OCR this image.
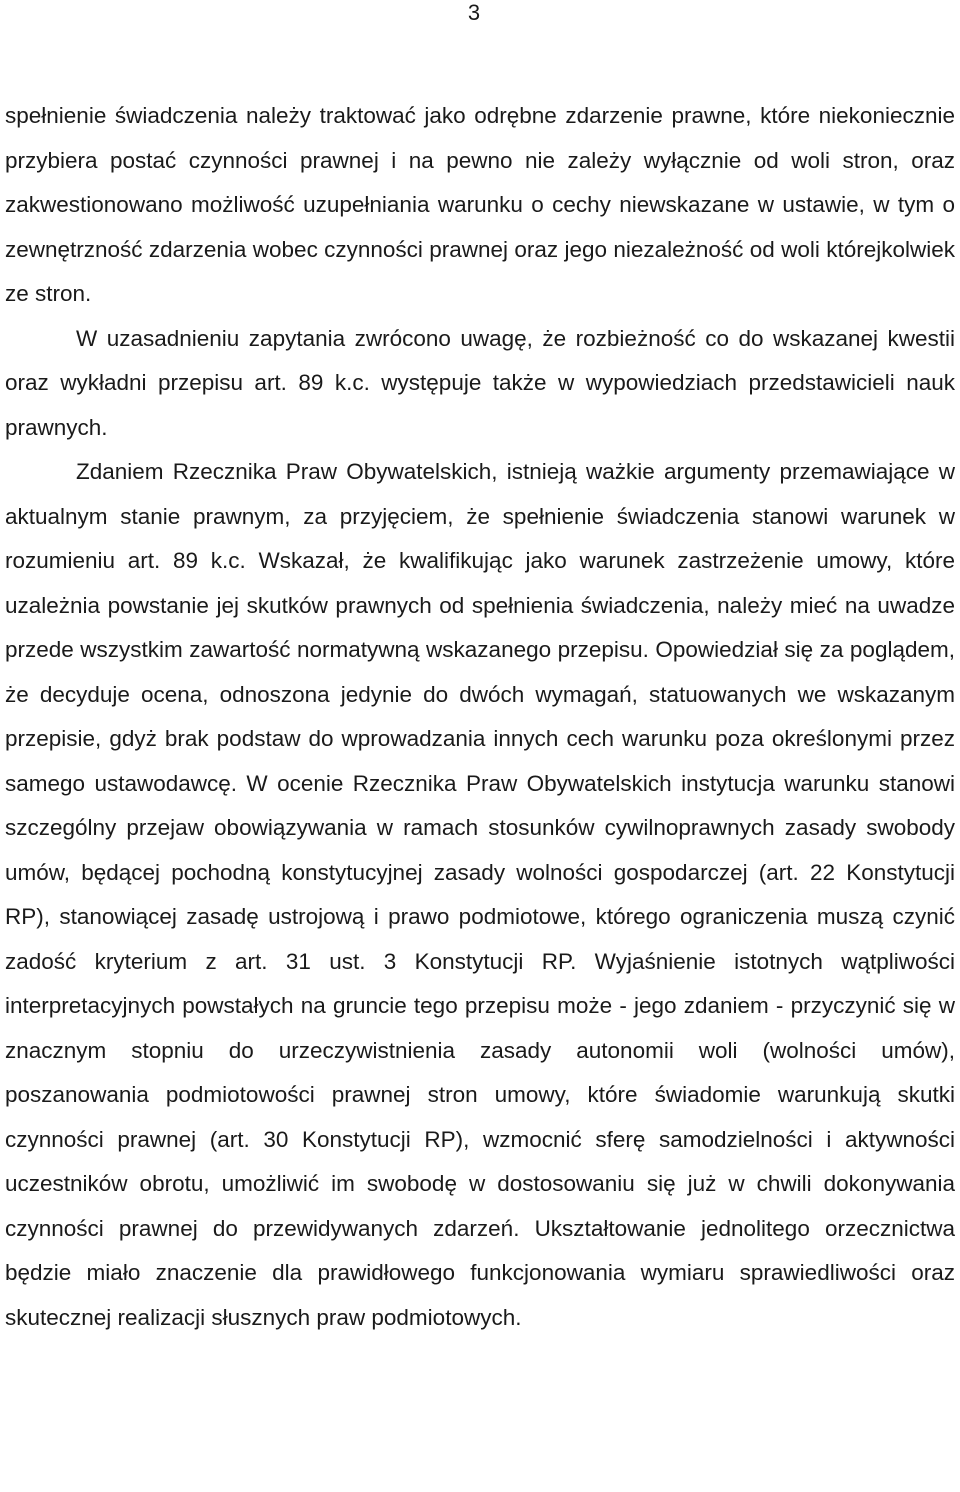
3

spełnienie świadczenia należy traktować jako odrębne zdarzenie prawne, które niekoniecznie przybiera postać czynności prawnej i na pewno nie zależy wyłącznie od woli stron, oraz zakwestionowano możliwość uzupełniania warunku o cechy niewskazane w ustawie, w tym o zewnętrzność zdarzenia wobec czynności prawnej oraz jego niezależność od woli którejkolwiek ze stron.

W uzasadnieniu zapytania zwrócono uwagę, że rozbieżność co do wskazanej kwestii oraz wykładni przepisu art. 89 k.c. występuje także w wypowiedziach przedstawicieli nauk prawnych.

Zdaniem Rzecznika Praw Obywatelskich, istnieją ważkie argumenty przemawiające w aktualnym stanie prawnym, za przyjęciem, że spełnienie świadczenia stanowi warunek w rozumieniu art. 89 k.c. Wskazał, że kwalifikując jako warunek zastrzeżenie umowy, które uzależnia powstanie jej skutków prawnych od spełnienia świadczenia, należy mieć na uwadze przede wszystkim zawartość normatywną wskazanego przepisu. Opowiedział się za poglądem, że decyduje ocena, odnoszona jedynie do dwóch wymagań, statuowanych we wskazanym przepisie, gdyż brak podstaw do wprowadzania innych cech warunku poza określonymi przez samego ustawodawcę. W ocenie Rzecznika Praw Obywatelskich instytucja warunku stanowi szczególny przejaw obowiązywania w ramach stosunków cywilnoprawnych zasady swobody umów, będącej pochodną konstytucyjnej zasady wolności gospodarczej (art. 22 Konstytucji RP), stanowiącej zasadę ustrojową i prawo podmiotowe, którego ograniczenia muszą czynić zadość kryterium z art. 31 ust. 3 Konstytucji RP. Wyjaśnienie istotnych wątpliwości interpretacyjnych powstałych na gruncie tego przepisu może - jego zdaniem - przyczynić się w znacznym stopniu do urzeczywistnienia zasady autonomii woli (wolności umów), poszanowania podmiotowości prawnej stron umowy, które świadomie warunkują skutki czynności prawnej (art. 30 Konstytucji RP), wzmocnić sferę samodzielności i aktywności uczestników obrotu, umożliwić im swobodę w dostosowaniu się już w chwili dokonywania czynności prawnej do przewidywanych zdarzeń. Ukształtowanie jednolitego orzecznictwa będzie miało znaczenie dla prawidłowego funkcjonowania wymiaru sprawiedliwości oraz skutecznej realizacji słusznych praw podmiotowych.
